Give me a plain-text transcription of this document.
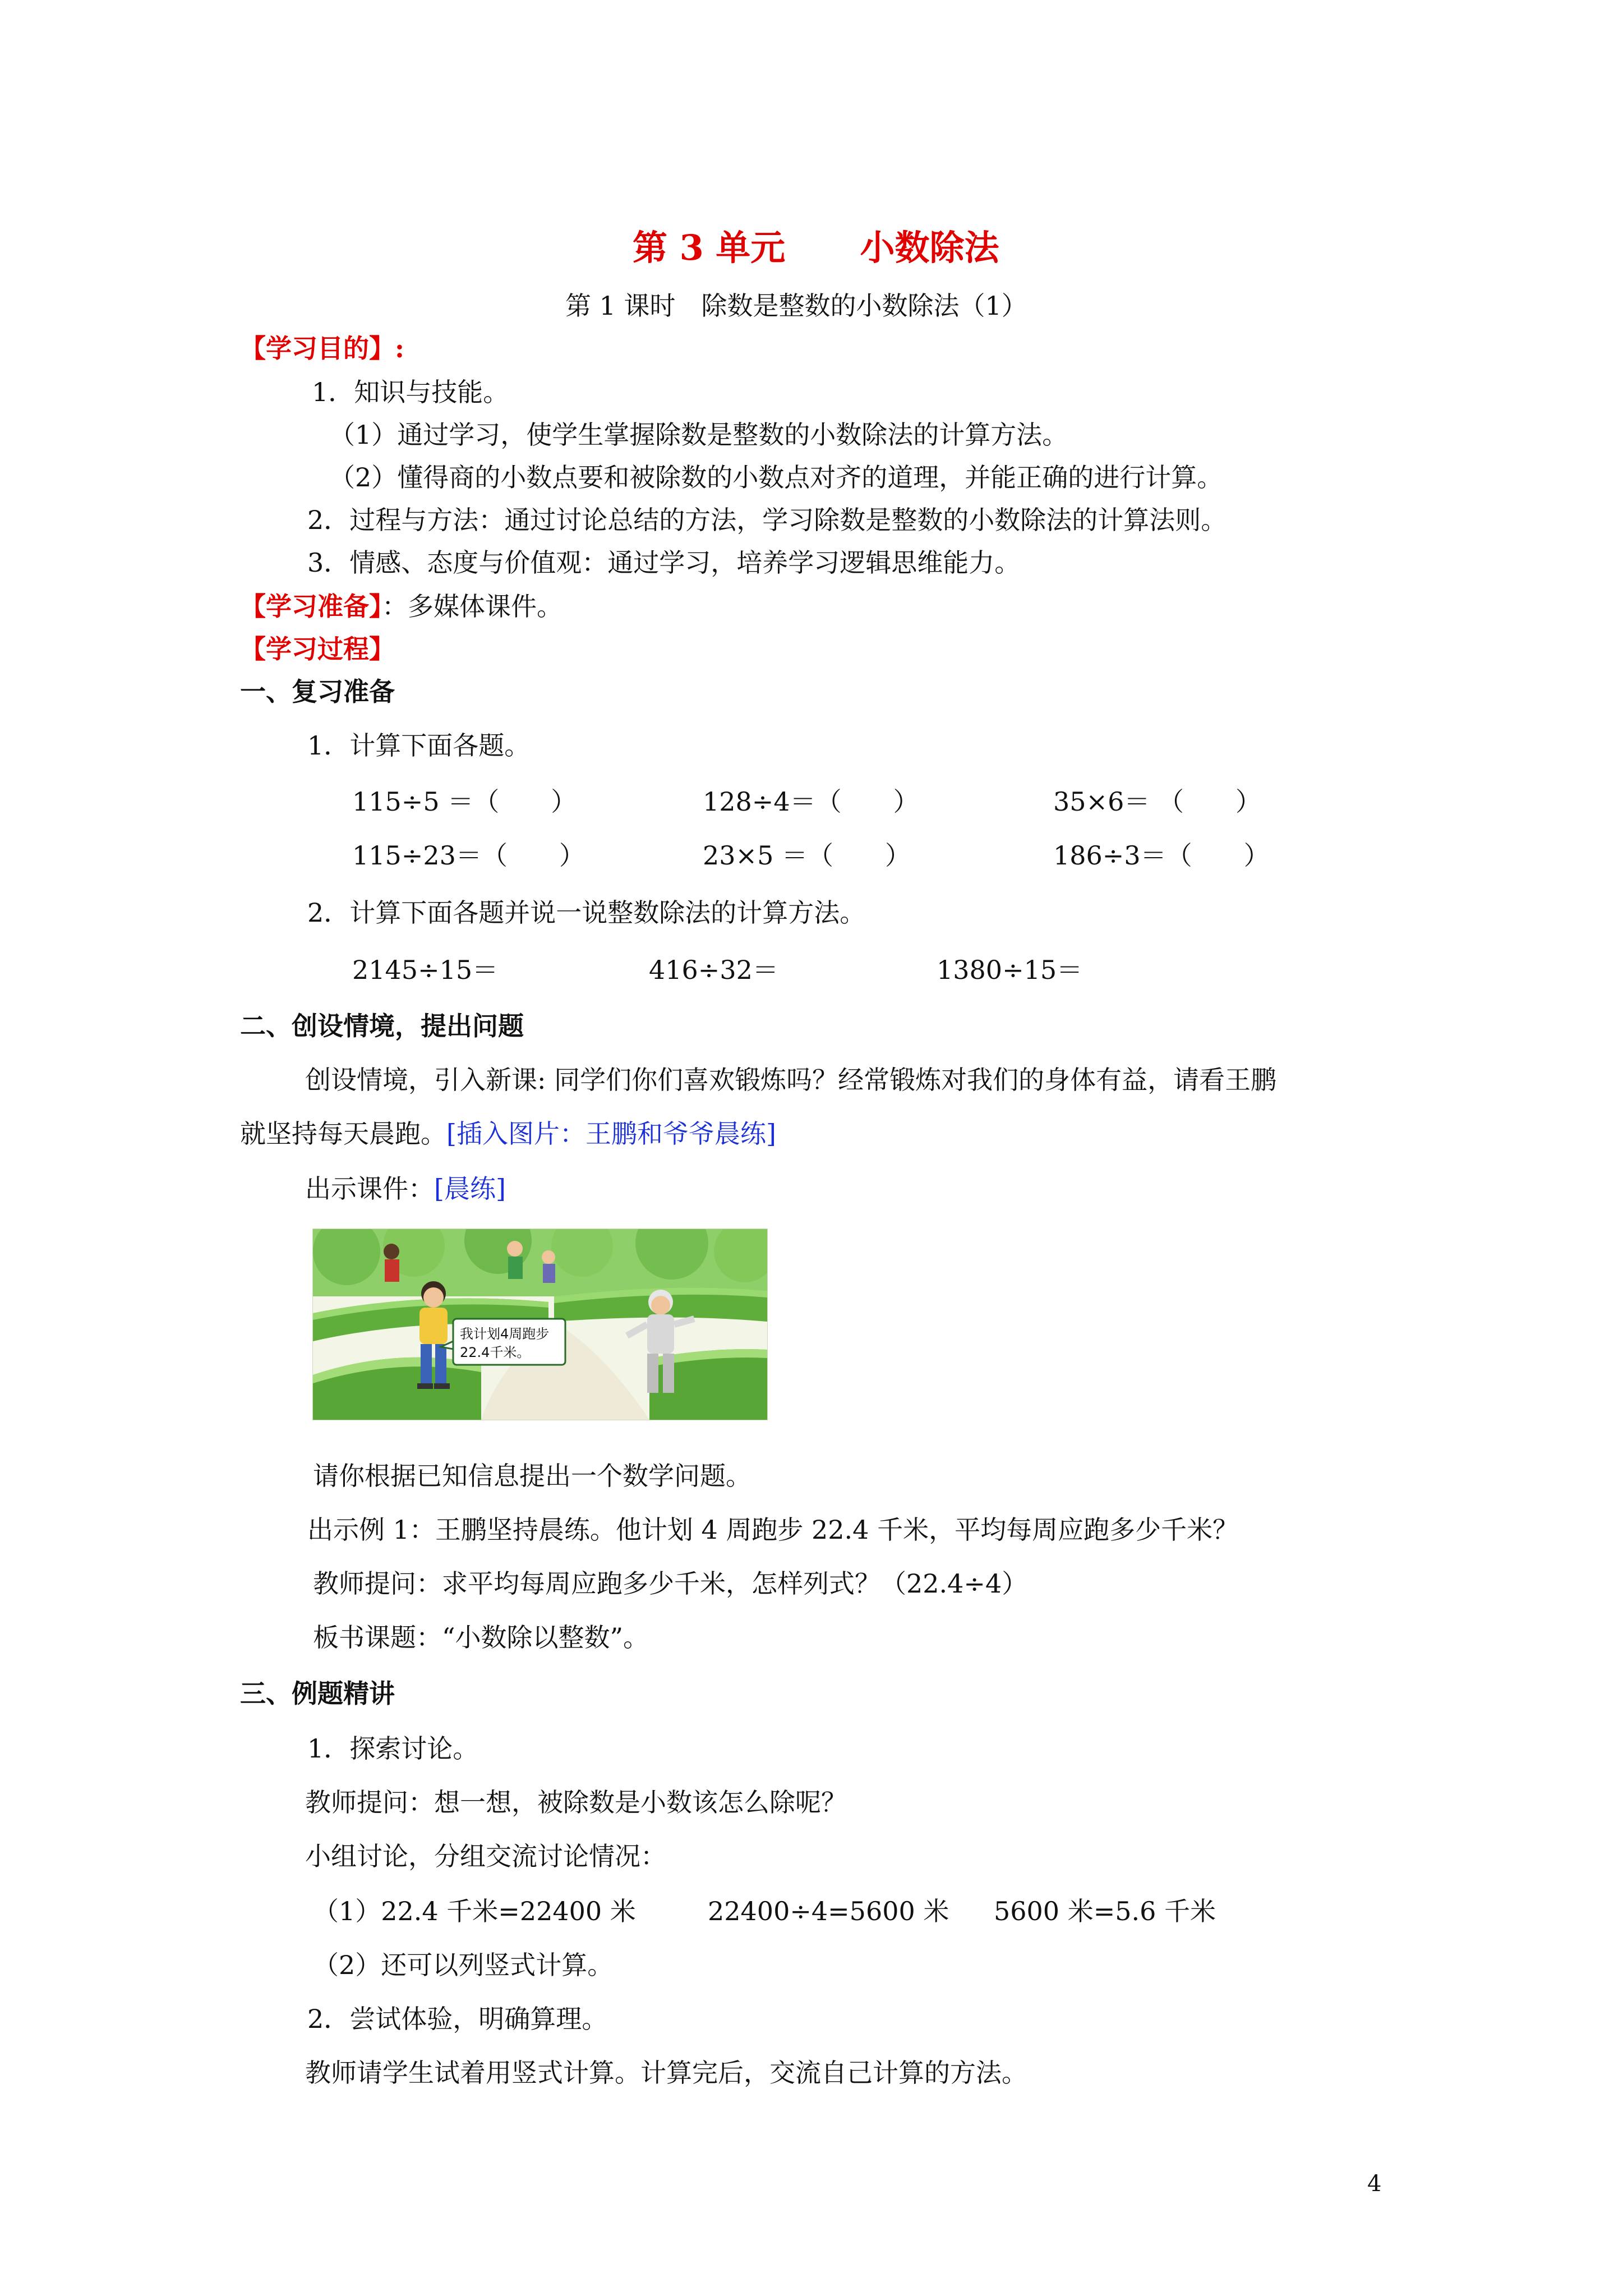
第 3 单元 小数除法
第 1 课时　除数是整数的小数除法（1）
【学习目的】:
1．知识与技能。
（1）通过学习，使学生掌握除数是整数的小数除法的计算方法。
（2）懂得商的小数点要和被除数的小数点对齐的道理，并能正确的进行计算。
2．过程与方法：通过讨论总结的方法，学习除数是整数的小数除法的计算法则。
3．情感、态度与价值观：通过学习，培养学习逻辑思维能力。
【学习准备】：多媒体课件。
【学习过程】
一、复习准备
1．计算下面各题。
115÷5 ＝（　　）	128÷4＝（　　）	35×6＝ （　　）
115÷23＝（　　）	23×5 ＝（　　）	186÷3＝（　　）
2．计算下面各题并说一说整数除法的计算方法。
2145÷15＝	416÷32＝	1380÷15＝
二、创设情境，提出问题
创设情境，引入新课: 同学们你们喜欢锻炼吗？经常锻炼对我们的身体有益，请看王鹏
就坚持每天晨跑。[插入图片：王鹏和爷爷晨练]
出示课件：[晨练]
我计划4周跑步
22.4千米。
请你根据已知信息提出一个数学问题。
出示例 1：王鹏坚持晨练。他计划 4 周跑步 22.4 千米，平均每周应跑多少千米？
教师提问：求平均每周应跑多少千米，怎样列式？（22.4÷4）
板书课题：“小数除以整数”。
三、例题精讲
1．探索讨论。
教师提问：想一想，被除数是小数该怎么除呢？
小组讨论，分组交流讨论情况：
（1）22.4 千米=22400 米	22400÷4=5600 米 5600 米=5.6 千米
（2）还可以列竖式计算。
2．尝试体验，明确算理。
教师请学生试着用竖式计算。计算完后，交流自己计算的方法。
4
